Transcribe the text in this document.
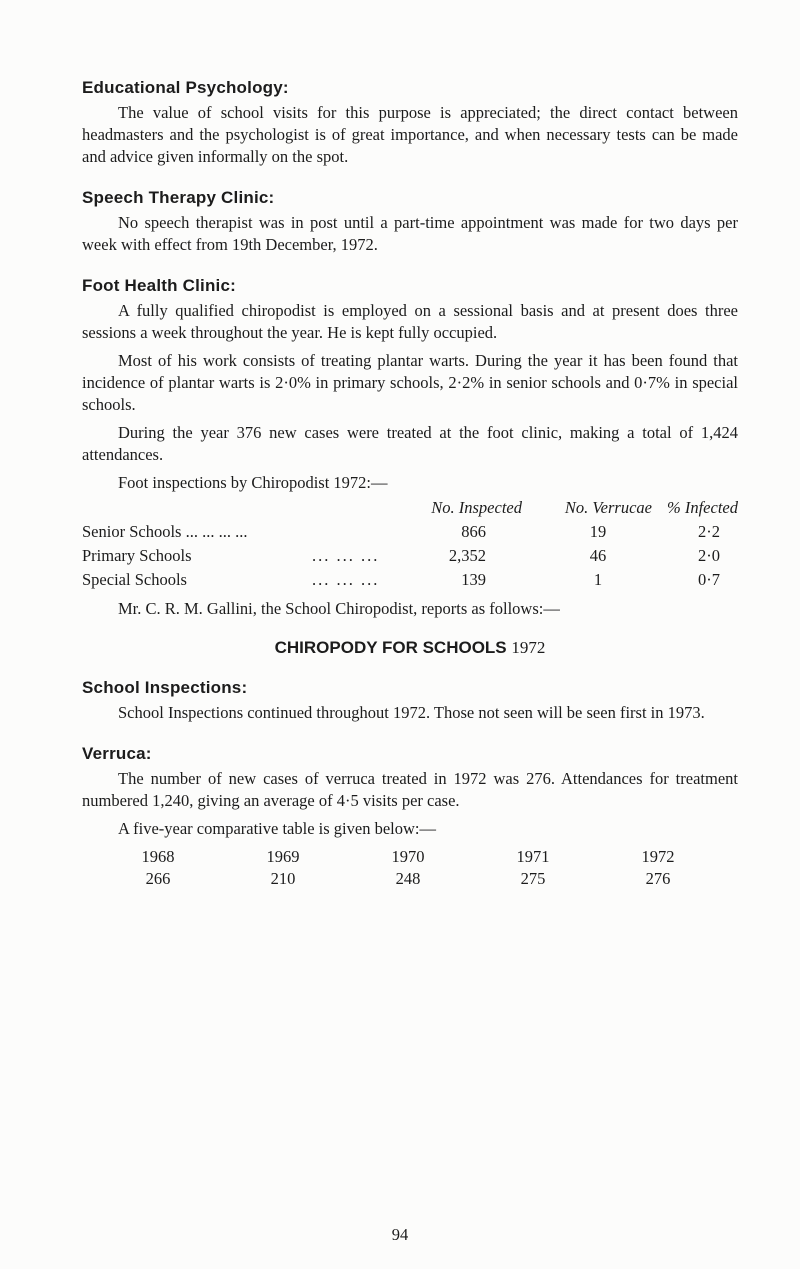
Educational Psychology:

The value of school visits for this purpose is appreciated; the direct contact between headmasters and the psychologist is of great importance, and when necessary tests can be made and advice given informally on the spot.

Speech Therapy Clinic:

No speech therapist was in post until a part-time appointment was made for two days per week with effect from 19th December, 1972.

Foot Health Clinic:

A fully qualified chiropodist is employed on a sessional basis and at present does three sessions a week throughout the year. He is kept fully occupied.

Most of his work consists of treating plantar warts. During the year it has been found that incidence of plantar warts is 2·0% in primary schools, 2·2% in senior schools and 0·7% in special schools.

During the year 376 new cases were treated at the foot clinic, making a total of 1,424 attendances.

Foot inspections by Chiropodist 1972:—

		No. Inspected	No. Verrucae	% Infected
Senior Schools ... ... ... ...		866	19	2·2
Primary Schools	... ... ...	2,352	46	2·0
Special Schools	... ... ...	139	1	0·7

Mr. C. R. M. Gallini, the School Chiropodist, reports as follows:—

CHIROPODY FOR SCHOOLS 1972
School Inspections:

School Inspections continued throughout 1972. Those not seen will be seen first in 1973.

Verruca:

The number of new cases of verruca treated in 1972 was 276. Attendances for treatment numbered 1,240, giving an average of 4·5 visits per case.

A five-year comparative table is given below:—

1968	1969	1970	1971	1972
266	210	248	275	276
94
